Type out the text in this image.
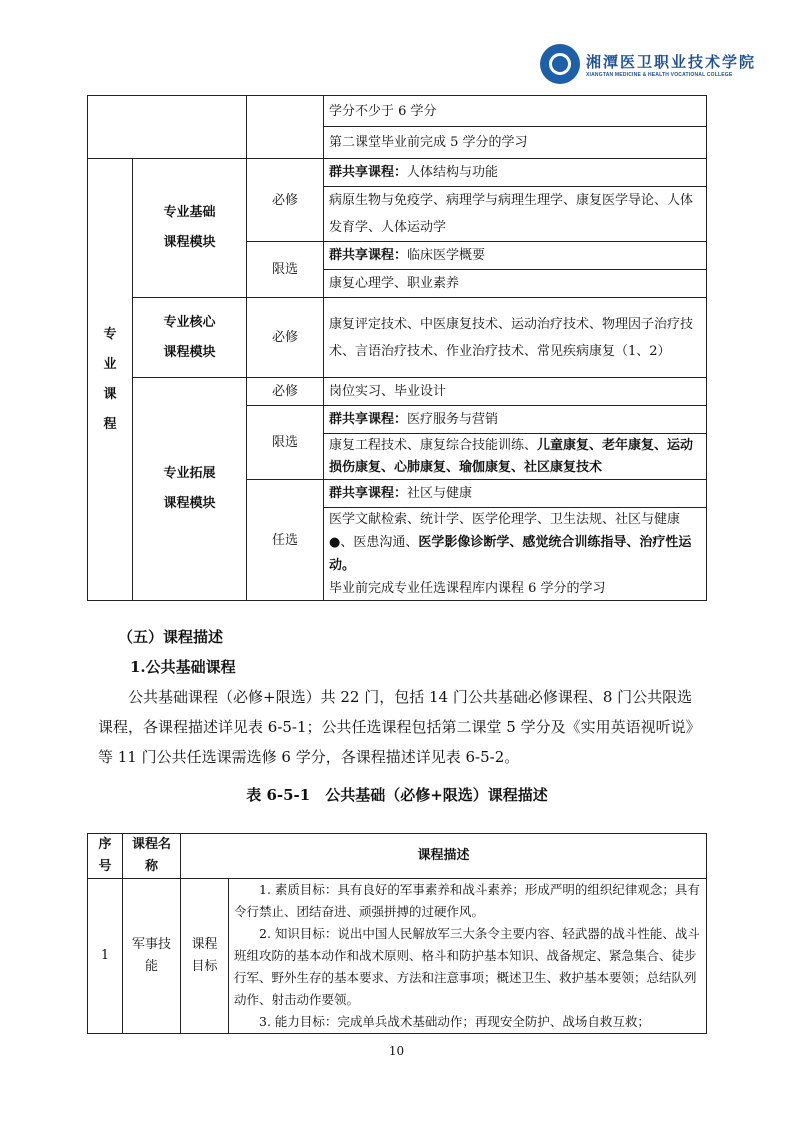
湘潭医卫职业技术学院
XIANGTAN MEDICINE & HEALTH VOCATIONAL COLLEGE
			学分不少于 6 学分
			第二课堂毕业前完成 5 学分的学习
专业课程	专业基础课程模块	必修	群共享课程：人体结构与功能
			病原生物与免疫学、病理学与病理生理学、康复医学导论、人体发育学、人体运动学
		限选	群共享课程：临床医学概要
			康复心理学、职业素养
	专业核心课程模块	必修	康复评定技术、中医康复技术、运动治疗技术、物理因子治疗技术、言语治疗技术、作业治疗技术、常见疾病康复（1、2）
	专业拓展课程模块	必修	岗位实习、毕业设计
		限选	群共享课程：医疗服务与营销
			康复工程技术、康复综合技能训练、儿童康复、老年康复、运动损伤康复、心肺康复、瑜伽康复、社区康复技术
		任选	群共享课程：社区与健康
			医学文献检索、统计学、医学伦理学、卫生法规、社区与健康●、医患沟通、医学影像诊断学、感觉统合训练指导、治疗性运动。
毕业前完成专业任选课程库内课程 6 学分的学习
（五）课程描述
1.公共基础课程
公共基础课程（必修+限选）共 22 门，包括 14 门公共基础必修课程、8 门公共限选课程，各课程描述详见表 6-5-1；公共任选课程包括第二课堂 5 学分及《实用英语视听说》等 11 门公共任选课需选修 6 学分，各课程描述详见表 6-5-2。
表 6-5-1　公共基础（必修+限选）课程描述
序号	课程名称	课程描述	
1	军事技能	课程目标	1. 素质目标：具有良好的军事素养和战斗素养；形成严明的组织纪律观念；具有令行禁止、团结奋进、顽强拼搏的过硬作风。
2. 知识目标：说出中国人民解放军三大条令主要内容、轻武器的战斗性能、战斗班组攻防的基本动作和战术原则、格斗和防护基本知识、战备规定、紧急集合、徒步行军、野外生存的基本要求、方法和注意事项；概述卫生、救护基本要领；总结队列动作、射击动作要领。
3. 能力目标：完成单兵战术基础动作；再现安全防护、战场自救互救；
10
